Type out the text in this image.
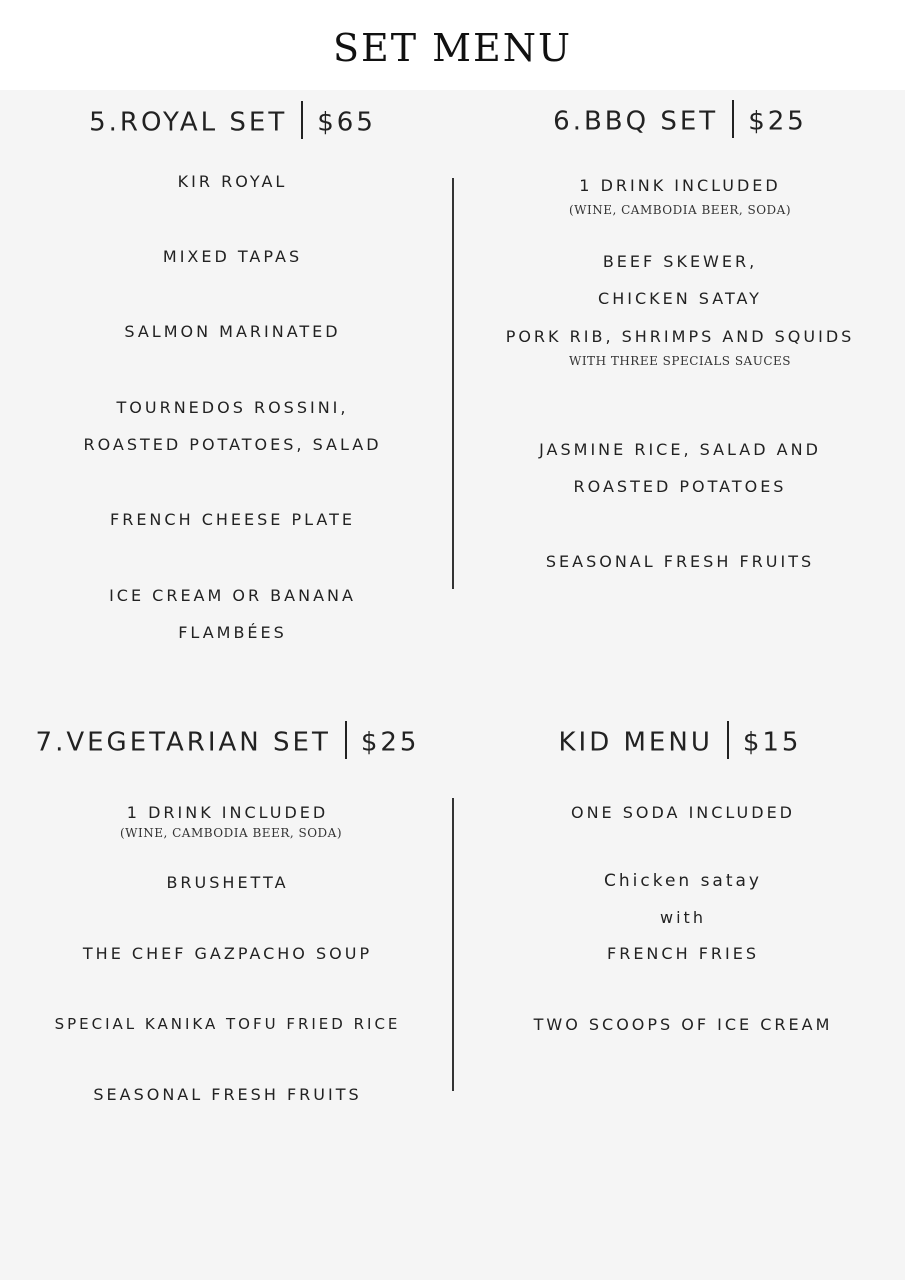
SET MENU
5.ROYAL SET $65
KIR ROYAL
MIXED TAPAS
SALMON MARINATED
TOURNEDOS ROSSINI,
ROASTED POTATOES, SALAD
FRENCH CHEESE PLATE
ICE CREAM OR BANANA
FLAMBÉES
6.BBQ SET $25
1 DRINK INCLUDED
(WINE, CAMBODIA BEER, SODA)
BEEF SKEWER,
CHICKEN SATAY
PORK RIB, SHRIMPS AND SQUIDS
WITH THREE SPECIALS SAUCES
JASMINE RICE, SALAD AND
ROASTED POTATOES
SEASONAL FRESH FRUITS
7.VEGETARIAN SET $25
1 DRINK INCLUDED
(WINE, CAMBODIA BEER, SODA)
BRUSHETTA
THE CHEF GAZPACHO SOUP
SPECIAL KANIKA TOFU FRIED RICE
SEASONAL FRESH FRUITS
KID MENU $15
ONE SODA INCLUDED
Chicken satay
with
FRENCH FRIES
TWO SCOOPS OF ICE CREAM
